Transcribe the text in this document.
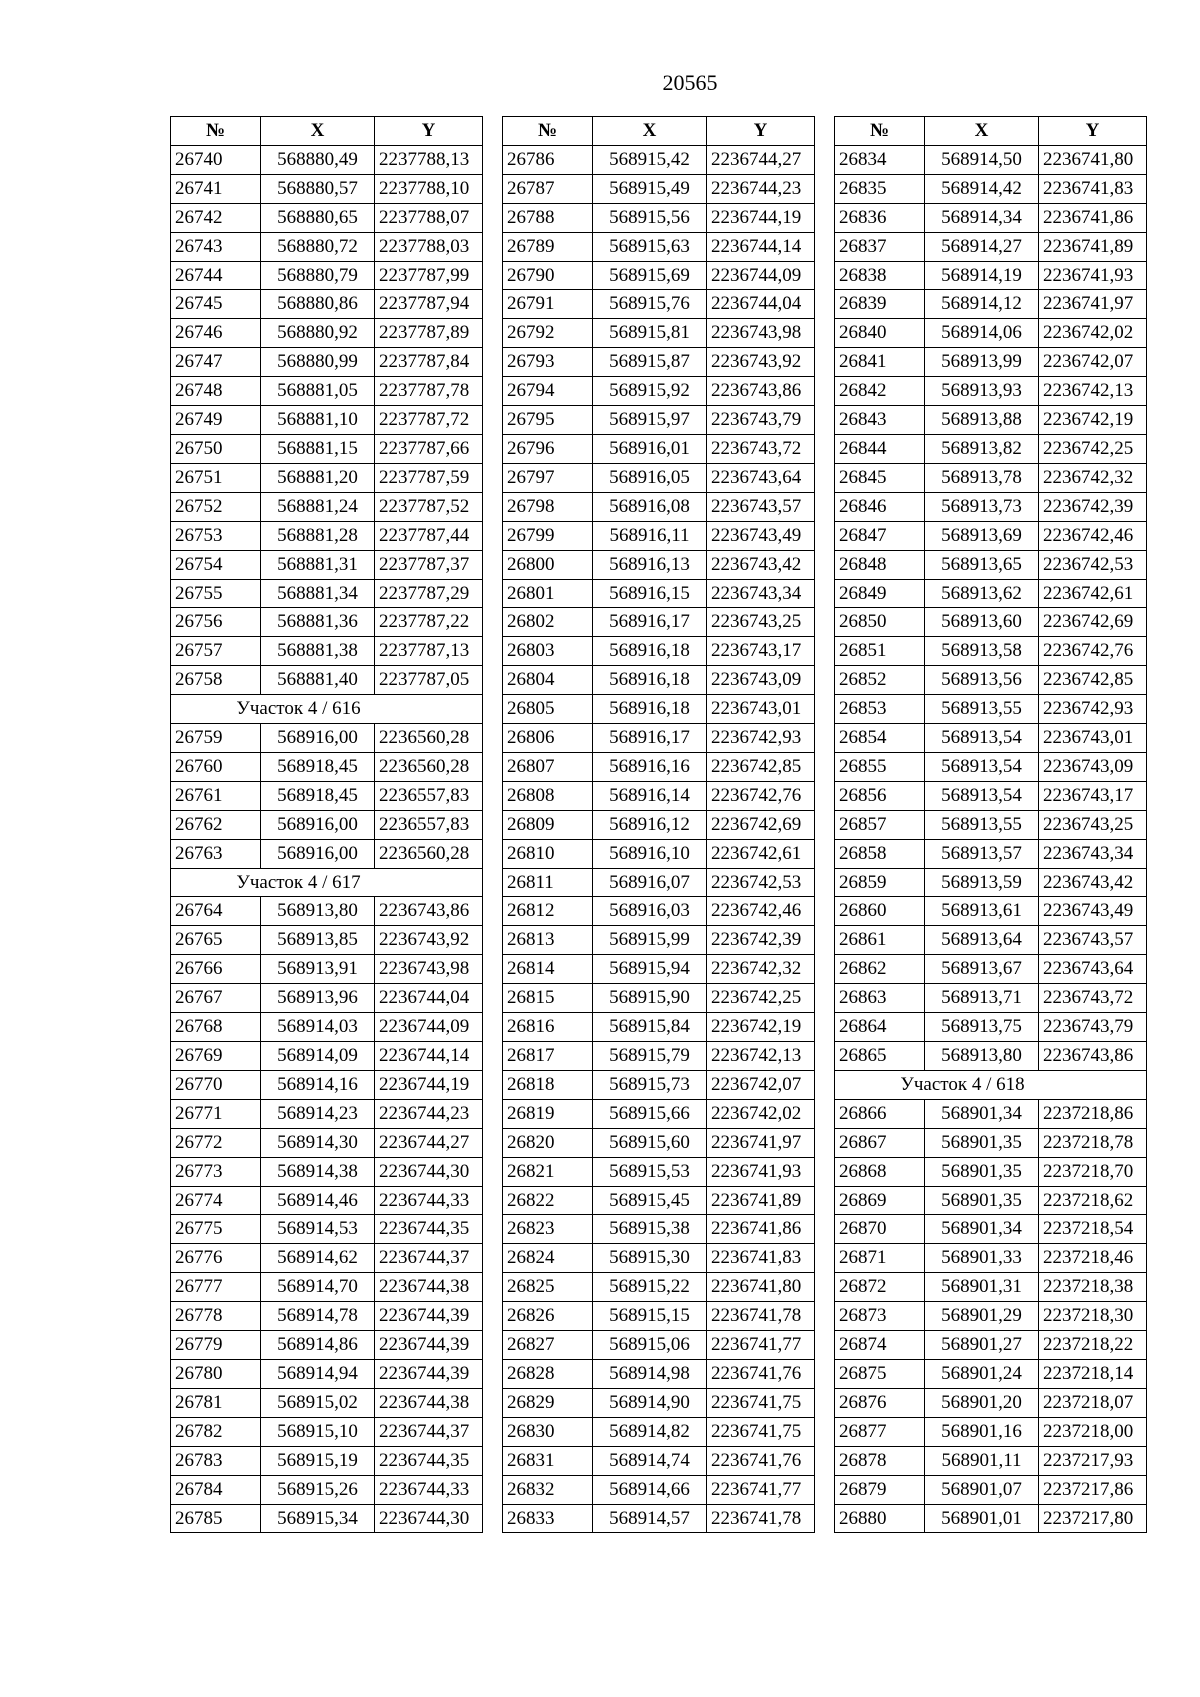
20565
№	X	Y
26740	568880,49	2237788,13
26741	568880,57	2237788,10
26742	568880,65	2237788,07
26743	568880,72	2237788,03
26744	568880,79	2237787,99
26745	568880,86	2237787,94
26746	568880,92	2237787,89
26747	568880,99	2237787,84
26748	568881,05	2237787,78
26749	568881,10	2237787,72
26750	568881,15	2237787,66
26751	568881,20	2237787,59
26752	568881,24	2237787,52
26753	568881,28	2237787,44
26754	568881,31	2237787,37
26755	568881,34	2237787,29
26756	568881,36	2237787,22
26757	568881,38	2237787,13
26758	568881,40	2237787,05
Участок 4 / 616		
26759	568916,00	2236560,28
26760	568918,45	2236560,28
26761	568918,45	2236557,83
26762	568916,00	2236557,83
26763	568916,00	2236560,28
Участок 4 / 617		
26764	568913,80	2236743,86
26765	568913,85	2236743,92
26766	568913,91	2236743,98
26767	568913,96	2236744,04
26768	568914,03	2236744,09
26769	568914,09	2236744,14
26770	568914,16	2236744,19
26771	568914,23	2236744,23
26772	568914,30	2236744,27
26773	568914,38	2236744,30
26774	568914,46	2236744,33
26775	568914,53	2236744,35
26776	568914,62	2236744,37
26777	568914,70	2236744,38
26778	568914,78	2236744,39
26779	568914,86	2236744,39
26780	568914,94	2236744,39
26781	568915,02	2236744,38
26782	568915,10	2236744,37
26783	568915,19	2236744,35
26784	568915,26	2236744,33
26785	568915,34	2236744,30
№	X	Y
26786	568915,42	2236744,27
26787	568915,49	2236744,23
26788	568915,56	2236744,19
26789	568915,63	2236744,14
26790	568915,69	2236744,09
26791	568915,76	2236744,04
26792	568915,81	2236743,98
26793	568915,87	2236743,92
26794	568915,92	2236743,86
26795	568915,97	2236743,79
26796	568916,01	2236743,72
26797	568916,05	2236743,64
26798	568916,08	2236743,57
26799	568916,11	2236743,49
26800	568916,13	2236743,42
26801	568916,15	2236743,34
26802	568916,17	2236743,25
26803	568916,18	2236743,17
26804	568916,18	2236743,09
26805	568916,18	2236743,01
26806	568916,17	2236742,93
26807	568916,16	2236742,85
26808	568916,14	2236742,76
26809	568916,12	2236742,69
26810	568916,10	2236742,61
26811	568916,07	2236742,53
26812	568916,03	2236742,46
26813	568915,99	2236742,39
26814	568915,94	2236742,32
26815	568915,90	2236742,25
26816	568915,84	2236742,19
26817	568915,79	2236742,13
26818	568915,73	2236742,07
26819	568915,66	2236742,02
26820	568915,60	2236741,97
26821	568915,53	2236741,93
26822	568915,45	2236741,89
26823	568915,38	2236741,86
26824	568915,30	2236741,83
26825	568915,22	2236741,80
26826	568915,15	2236741,78
26827	568915,06	2236741,77
26828	568914,98	2236741,76
26829	568914,90	2236741,75
26830	568914,82	2236741,75
26831	568914,74	2236741,76
26832	568914,66	2236741,77
26833	568914,57	2236741,78
№	X	Y
26834	568914,50	2236741,80
26835	568914,42	2236741,83
26836	568914,34	2236741,86
26837	568914,27	2236741,89
26838	568914,19	2236741,93
26839	568914,12	2236741,97
26840	568914,06	2236742,02
26841	568913,99	2236742,07
26842	568913,93	2236742,13
26843	568913,88	2236742,19
26844	568913,82	2236742,25
26845	568913,78	2236742,32
26846	568913,73	2236742,39
26847	568913,69	2236742,46
26848	568913,65	2236742,53
26849	568913,62	2236742,61
26850	568913,60	2236742,69
26851	568913,58	2236742,76
26852	568913,56	2236742,85
26853	568913,55	2236742,93
26854	568913,54	2236743,01
26855	568913,54	2236743,09
26856	568913,54	2236743,17
26857	568913,55	2236743,25
26858	568913,57	2236743,34
26859	568913,59	2236743,42
26860	568913,61	2236743,49
26861	568913,64	2236743,57
26862	568913,67	2236743,64
26863	568913,71	2236743,72
26864	568913,75	2236743,79
26865	568913,80	2236743,86
Участок 4 / 618		
26866	568901,34	2237218,86
26867	568901,35	2237218,78
26868	568901,35	2237218,70
26869	568901,35	2237218,62
26870	568901,34	2237218,54
26871	568901,33	2237218,46
26872	568901,31	2237218,38
26873	568901,29	2237218,30
26874	568901,27	2237218,22
26875	568901,24	2237218,14
26876	568901,20	2237218,07
26877	568901,16	2237218,00
26878	568901,11	2237217,93
26879	568901,07	2237217,86
26880	568901,01	2237217,80
